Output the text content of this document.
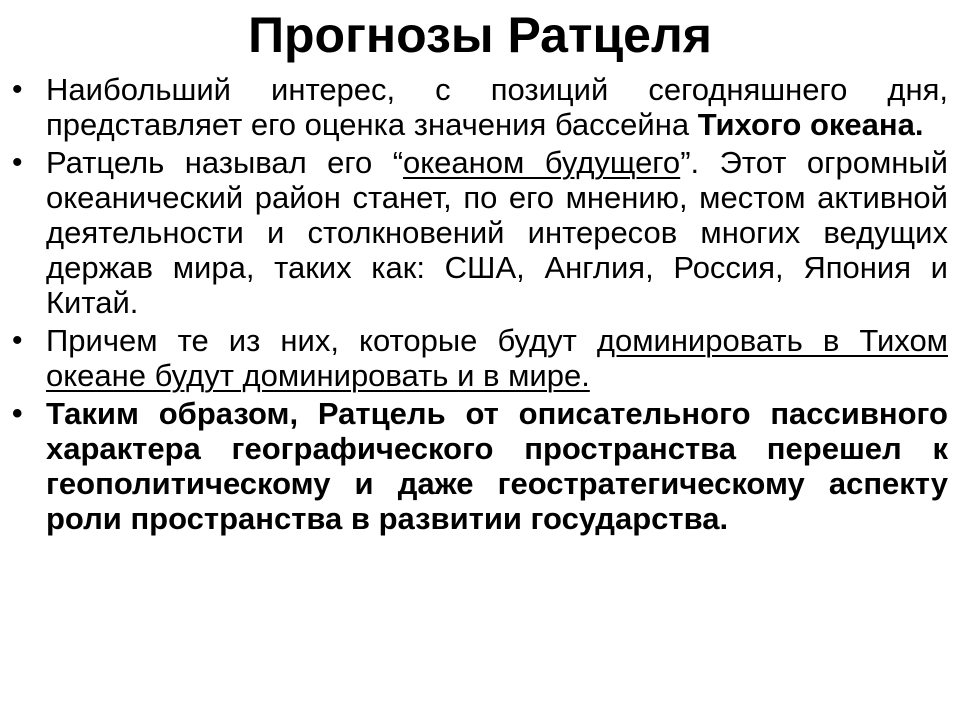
Прогнозы Ратцеля
• Наибольший интерес, с позиций сегодняшнего дня, представляет его оценка значения бассейна Тихого океана.
• Ратцель называл его “океаном будущего”. Этот огромный океанический район станет, по его мнению, местом активной деятельности и столкновений интересов многих ведущих держав мира, таких как: США, Англия, Россия, Япония и Китай.
• Причем те из них, которые будут доминировать в Тихом океане будут доминировать и в мире.
• Таким образом, Ратцель от описательного пассивного характера географического пространства перешел к геополитическому и даже геостратегическому аспекту роли пространства в развитии государства.
